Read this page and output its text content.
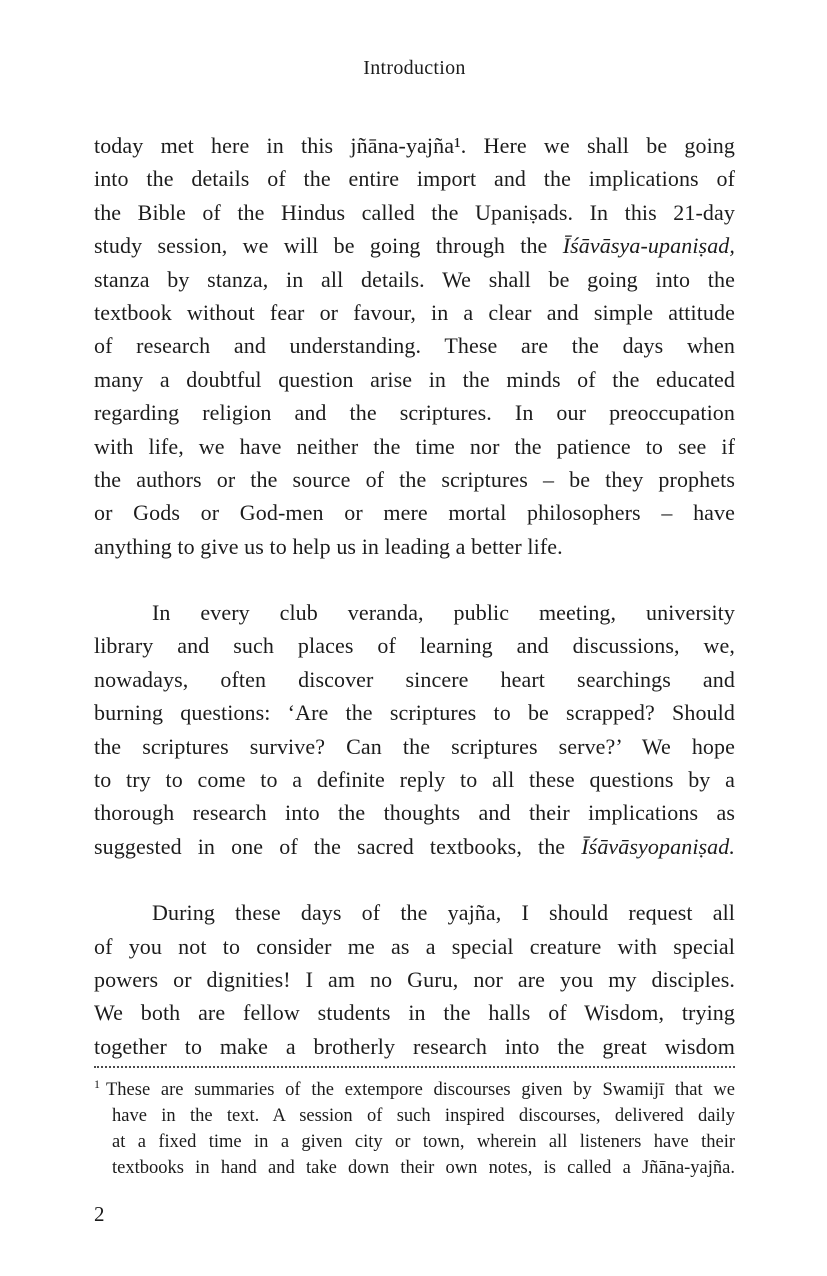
Introduction
today met here in this jñāna-yajña¹. Here we shall be going
into the details of the entire import and the implications of
the Bible of the Hindus called the Upaniṣads. In this 21-day
study session, we will be going through the Īśāvāsya-upaniṣad,
stanza by stanza, in all details. We shall be going into the
textbook without fear or favour, in a clear and simple attitude
of research and understanding. These are the days when
many a doubtful question arise in the minds of the educated
regarding religion and the scriptures. In our preoccupation
with life, we have neither the time nor the patience to see if
the authors or the source of the scriptures – be they prophets
or Gods or God-men or mere mortal philosophers – have
anything to give us to help us in leading a better life.
In every club veranda, public meeting, university
library and such places of learning and discussions, we,
nowadays, often discover sincere heart searchings and
burning questions: ‘Are the scriptures to be scrapped? Should
the scriptures survive? Can the scriptures serve?’ We hope
to try to come to a definite reply to all these questions by a
thorough research into the thoughts and their implications as
suggested in one of the sacred textbooks, the Īśāvāsyopaniṣad.
During these days of the yajña, I should request all
of you not to consider me as a special creature with special
powers or dignities! I am no Guru, nor are you my disciples.
We both are fellow students in the halls of Wisdom, trying
together to make a brotherly research into the great wisdom
$^1$ These are summaries of the extempore discourses given by Swamijī that we
have in the text. A session of such inspired discourses, delivered daily
at a fixed time in a given city or town, wherein all listeners have their
textbooks in hand and take down their own notes, is called a Jñāna-yajña.
2
